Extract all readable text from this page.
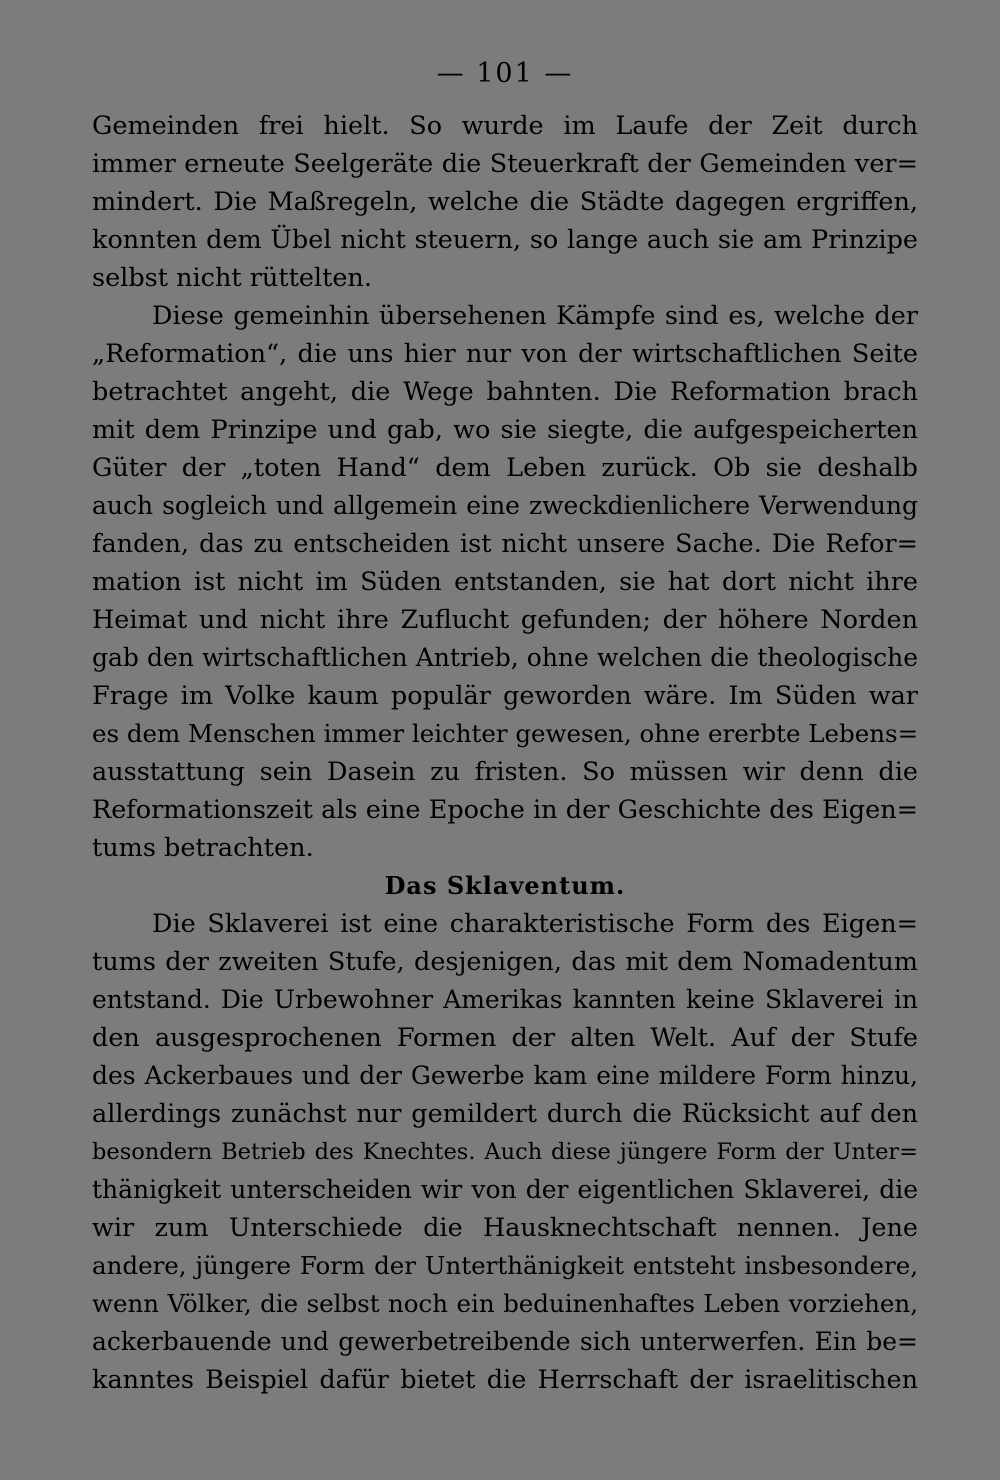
— 101 —
Gemeinden frei hielt. So wurde im Laufe der Zeit durch
immer erneute Seelgeräte die Steuerkraft der Gemeinden ver=
mindert. Die Maßregeln, welche die Städte dagegen ergriffen,
konnten dem Übel nicht steuern, so lange auch sie am Prinzipe
selbst nicht rüttelten.
Diese gemeinhin übersehenen Kämpfe sind es, welche der
„Reformation“, die uns hier nur von der wirtschaftlichen Seite
betrachtet angeht, die Wege bahnten. Die Reformation brach
mit dem Prinzipe und gab, wo sie siegte, die aufgespeicherten
Güter der „toten Hand“ dem Leben zurück. Ob sie deshalb
auch sogleich und allgemein eine zweckdienlichere Verwendung
fanden, das zu entscheiden ist nicht unsere Sache. Die Refor=
mation ist nicht im Süden entstanden, sie hat dort nicht ihre
Heimat und nicht ihre Zuflucht gefunden; der höhere Norden
gab den wirtschaftlichen Antrieb, ohne welchen die theologische
Frage im Volke kaum populär geworden wäre. Im Süden war
es dem Menschen immer leichter gewesen, ohne ererbte Lebens=
ausstattung sein Dasein zu fristen. So müssen wir denn die
Reformationszeit als eine Epoche in der Geschichte des Eigen=
tums betrachten.
Das Sklaventum.
Die Sklaverei ist eine charakteristische Form des Eigen=
tums der zweiten Stufe, desjenigen, das mit dem Nomadentum
entstand. Die Urbewohner Amerikas kannten keine Sklaverei in
den ausgesprochenen Formen der alten Welt. Auf der Stufe
des Ackerbaues und der Gewerbe kam eine mildere Form hinzu,
allerdings zunächst nur gemildert durch die Rücksicht auf den
besondern Betrieb des Knechtes. Auch diese jüngere Form der Unter=
thänigkeit unterscheiden wir von der eigentlichen Sklaverei, die
wir zum Unterschiede die Hausknechtschaft nennen. Jene
andere, jüngere Form der Unterthänigkeit entsteht insbesondere,
wenn Völker, die selbst noch ein beduinenhaftes Leben vorziehen,
ackerbauende und gewerbetreibende sich unterwerfen. Ein be=
kanntes Beispiel dafür bietet die Herrschaft der israelitischen
